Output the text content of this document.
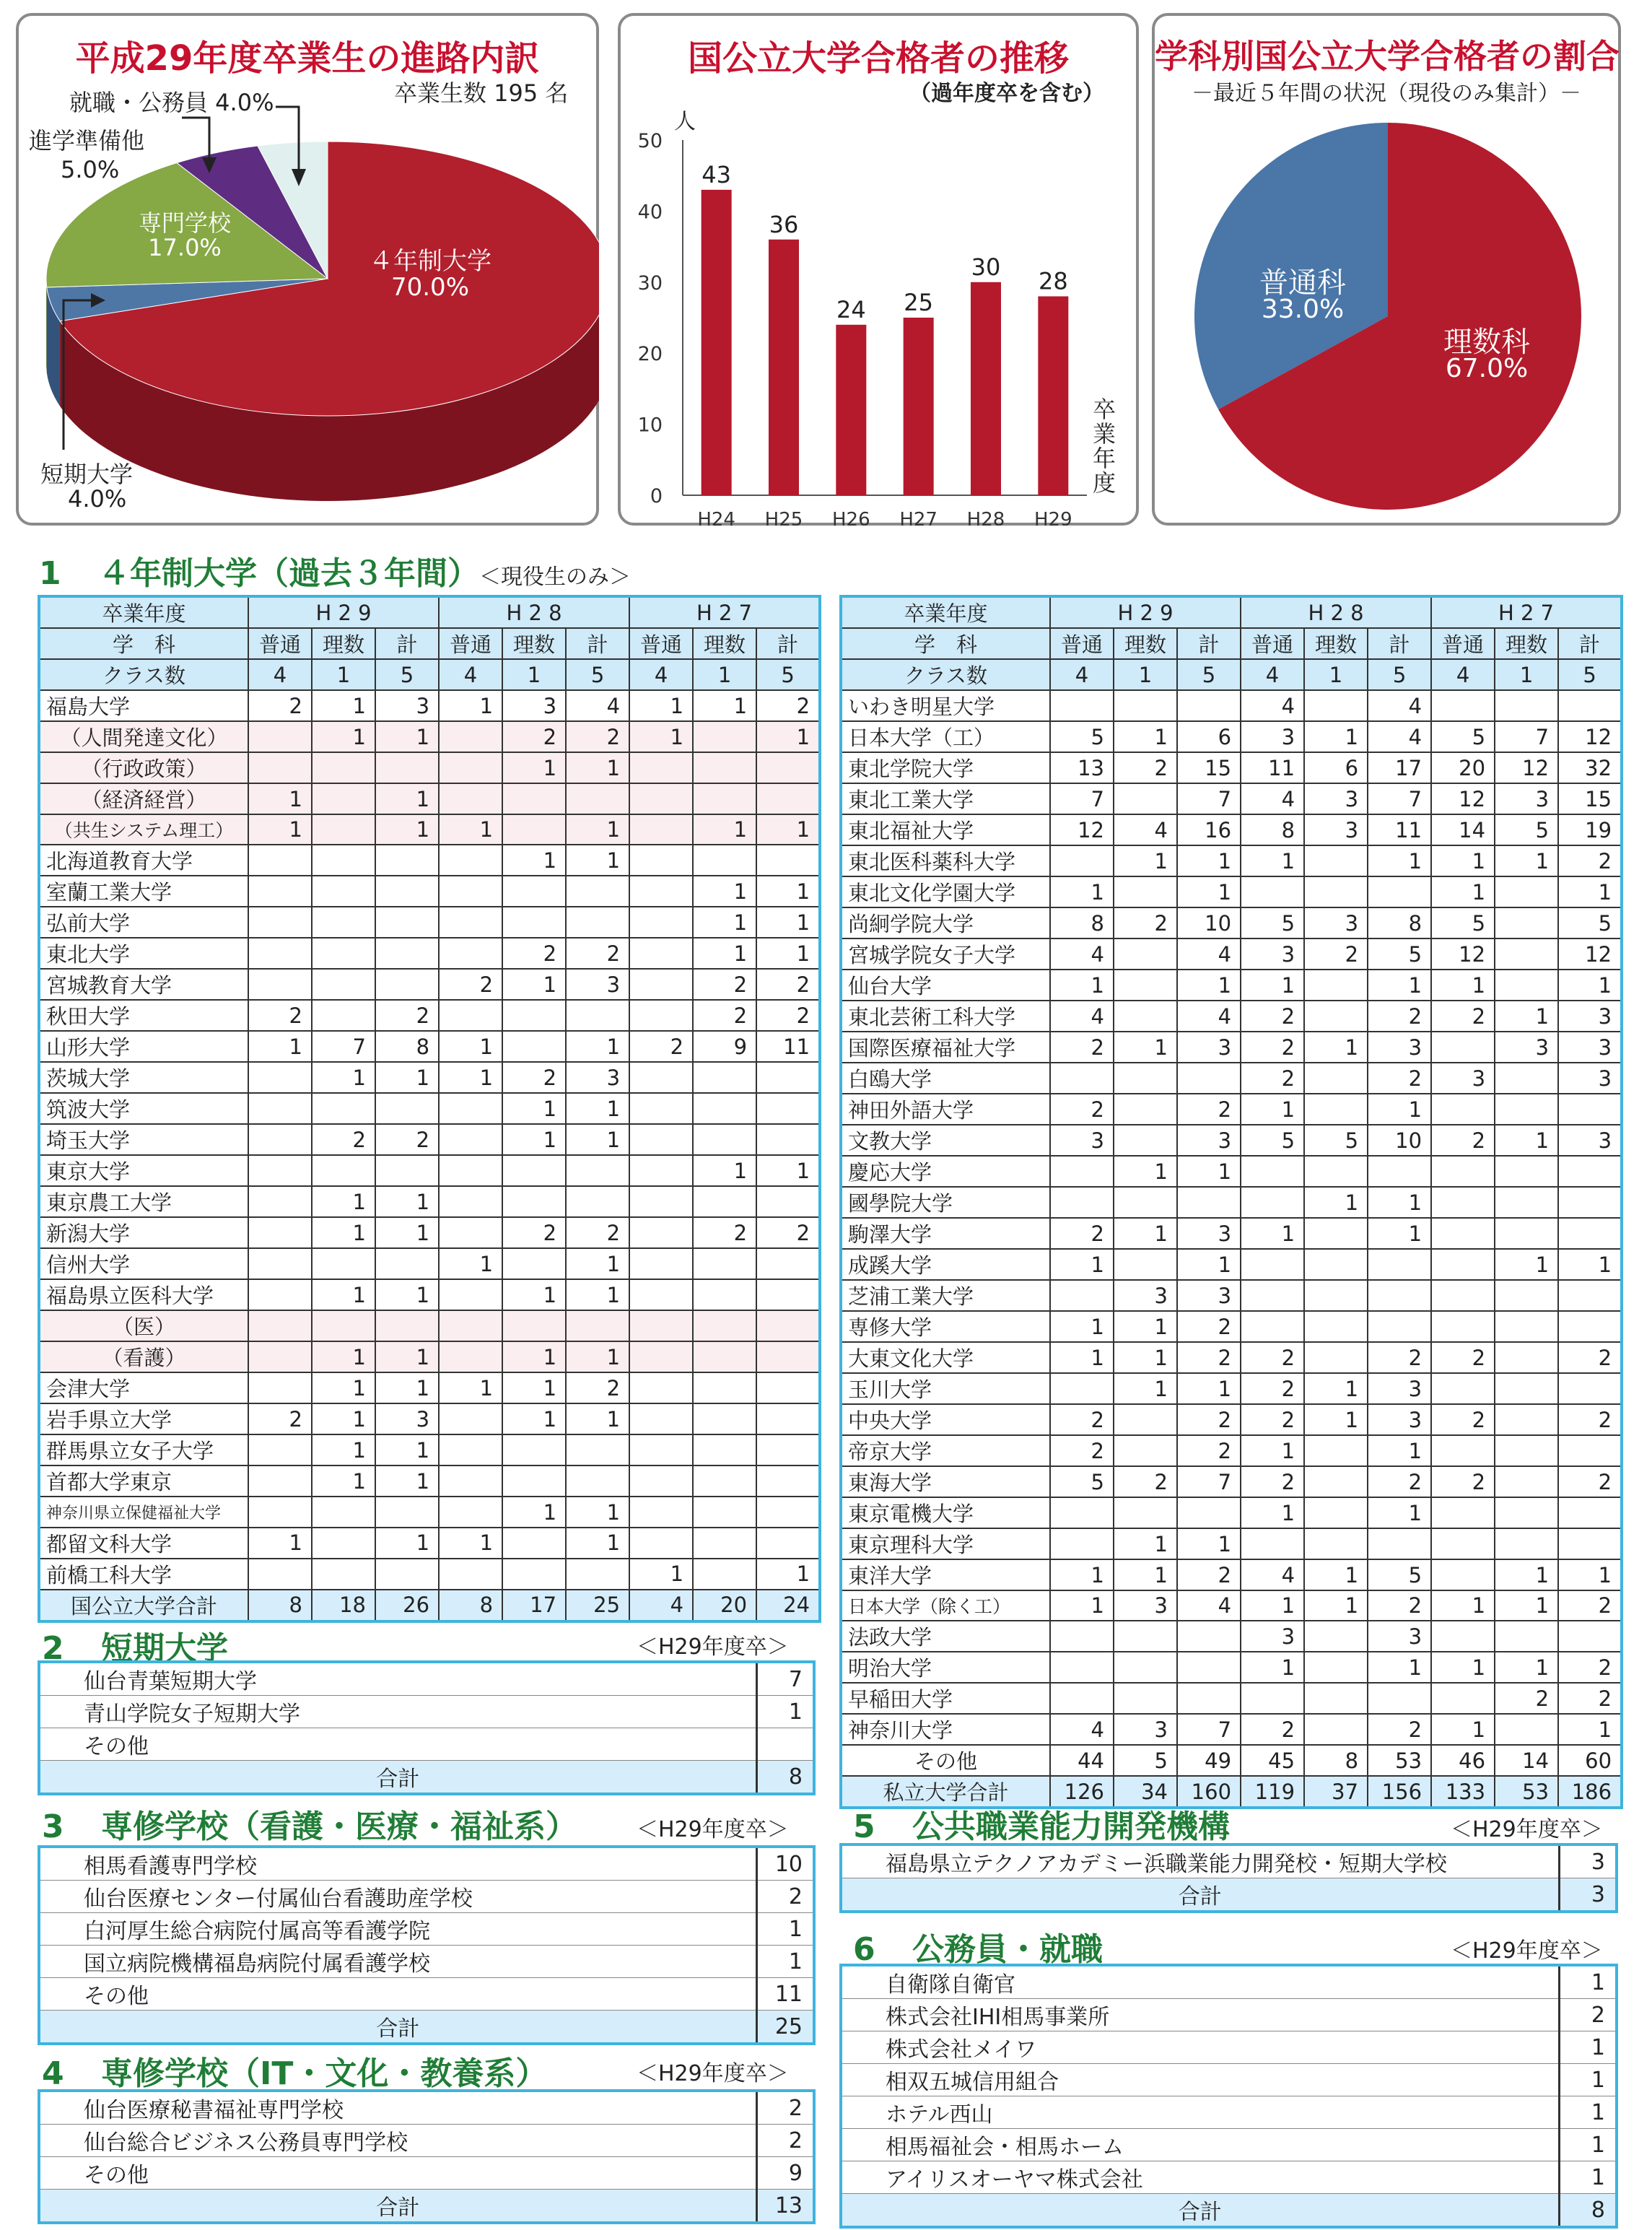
平成29年度卒業生の進路内訳
卒業生数 195 名
就職・公務員 4.0%
進学準備他
5.0%
専門学校
17.0%	４年制大学
70.0%
短期大学
4.0%
国公立大学合格者の推移
（過年度卒を含む）
50
40
30
20
10
0
人
43
H24
36
H25
24
H26
25
H27
30
H28
28
H29
卒
業
年
度
学科別国公立大学合格者の割合
－最近５年間の状況（現役のみ集計）－
普通科
33.0%
理数科
67.0%
1 ４年制大学（過去３年間）＜現役生のみ＞
卒業年度	H 2 9			H 2 8			H 2 7		
学　科	普通	理数	計	普通	理数	計	普通	理数	計
クラス数	4	1	5	4	1	5	4	1	5
福島大学	2	1	3	1	3	4	1	1	2
（人間発達文化）		1	1		2	2	1		1
（行政政策）					1	1			
（経済経営）	1		1						
（共生システム理工）	1		1	1		1		1	1
北海道教育大学					1	1			
室蘭工業大学								1	1
弘前大学								1	1
東北大学					2	2		1	1
宮城教育大学				2	1	3		2	2
秋田大学	2		2					2	2
山形大学	1	7	8	1		1	2	9	11
茨城大学		1	1	1	2	3			
筑波大学					1	1			
埼玉大学		2	2		1	1			
東京大学								1	1
東京農工大学		1	1						
新潟大学		1	1		2	2		2	2
信州大学				1		1			
福島県立医科大学		1	1		1	1			
（医）									
（看護）		1	1		1	1			
会津大学		1	1	1	1	2			
岩手県立大学	2	1	3		1	1			
群馬県立女子大学		1	1						
首都大学東京		1	1						
神奈川県立保健福祉大学					1	1			
都留文科大学	1		1	1		1			
前橋工科大学							1		1
国公立大学合計	8	18	26	8	17	25	4	20	24
卒業年度	H 2 9			H 2 8			H 2 7		
学　科	普通	理数	計	普通	理数	計	普通	理数	計
クラス数	4	1	5	4	1	5	4	1	5
いわき明星大学				4		4			
日本大学（工）	5	1	6	3	1	4	5	7	12
東北学院大学	13	2	15	11	6	17	20	12	32
東北工業大学	7		7	4	3	7	12	3	15
東北福祉大学	12	4	16	8	3	11	14	5	19
東北医科薬科大学		1	1	1		1	1	1	2
東北文化学園大学	1		1				1		1
尚絅学院大学	8	2	10	5	3	8	5		5
宮城学院女子大学	4		4	3	2	5	12		12
仙台大学	1		1	1		1	1		1
東北芸術工科大学	4		4	2		2	2	1	3
国際医療福祉大学	2	1	3	2	1	3		3	3
白鴎大学				2		2	3		3
神田外語大学	2		2	1		1			
文教大学	3		3	5	5	10	2	1	3
慶応大学		1	1						
國學院大学					1	1			
駒澤大学	2	1	3	1		1			
成蹊大学	1		1					1	1
芝浦工業大学		3	3						
専修大学	1	1	2						
大東文化大学	1	1	2	2		2	2		2
玉川大学		1	1	2	1	3			
中央大学	2		2	2	1	3	2		2
帝京大学	2		2	1		1			
東海大学	5	2	7	2		2	2		2
東京電機大学				1		1			
東京理科大学		1	1						
東洋大学	1	1	2	4	1	5		1	1
日本大学（除く工）	1	3	4	1	1	2	1	1	2
法政大学				3		3			
明治大学				1		1	1	1	2
早稲田大学								2	2
神奈川大学	4	3	7	2		2	1		1
その他	44	5	49	45	8	53	46	14	60
私立大学合計	126	34	160	119	37	156	133	53	186
2 短期大学	＜H29年度卒＞
仙台青葉短期大学	7
青山学院女子短期大学	1
その他	
合計	8
3 専修学校（看護・医療・福祉系）	＜H29年度卒＞
相馬看護専門学校	10
仙台医療センター付属仙台看護助産学校	2
白河厚生総合病院付属高等看護学院	1
国立病院機構福島病院付属看護学校	1
その他	11
合計	25
4 専修学校（IT・文化・教養系）	＜H29年度卒＞
仙台医療秘書福祉専門学校	2
仙台総合ビジネス公務員専門学校	2
その他	9
合計	13
5 公共職業能力開発機構	＜H29年度卒＞
福島県立テクノアカデミー浜職業能力開発校・短期大学校	3
合計	3
6 公務員・就職	＜H29年度卒＞
自衛隊自衛官	1
株式会社IHI相馬事業所	2
株式会社メイワ	1
相双五城信用組合	1
ホテル西山	1
相馬福祉会・相馬ホーム	1
アイリスオーヤマ株式会社	1
合計	8
